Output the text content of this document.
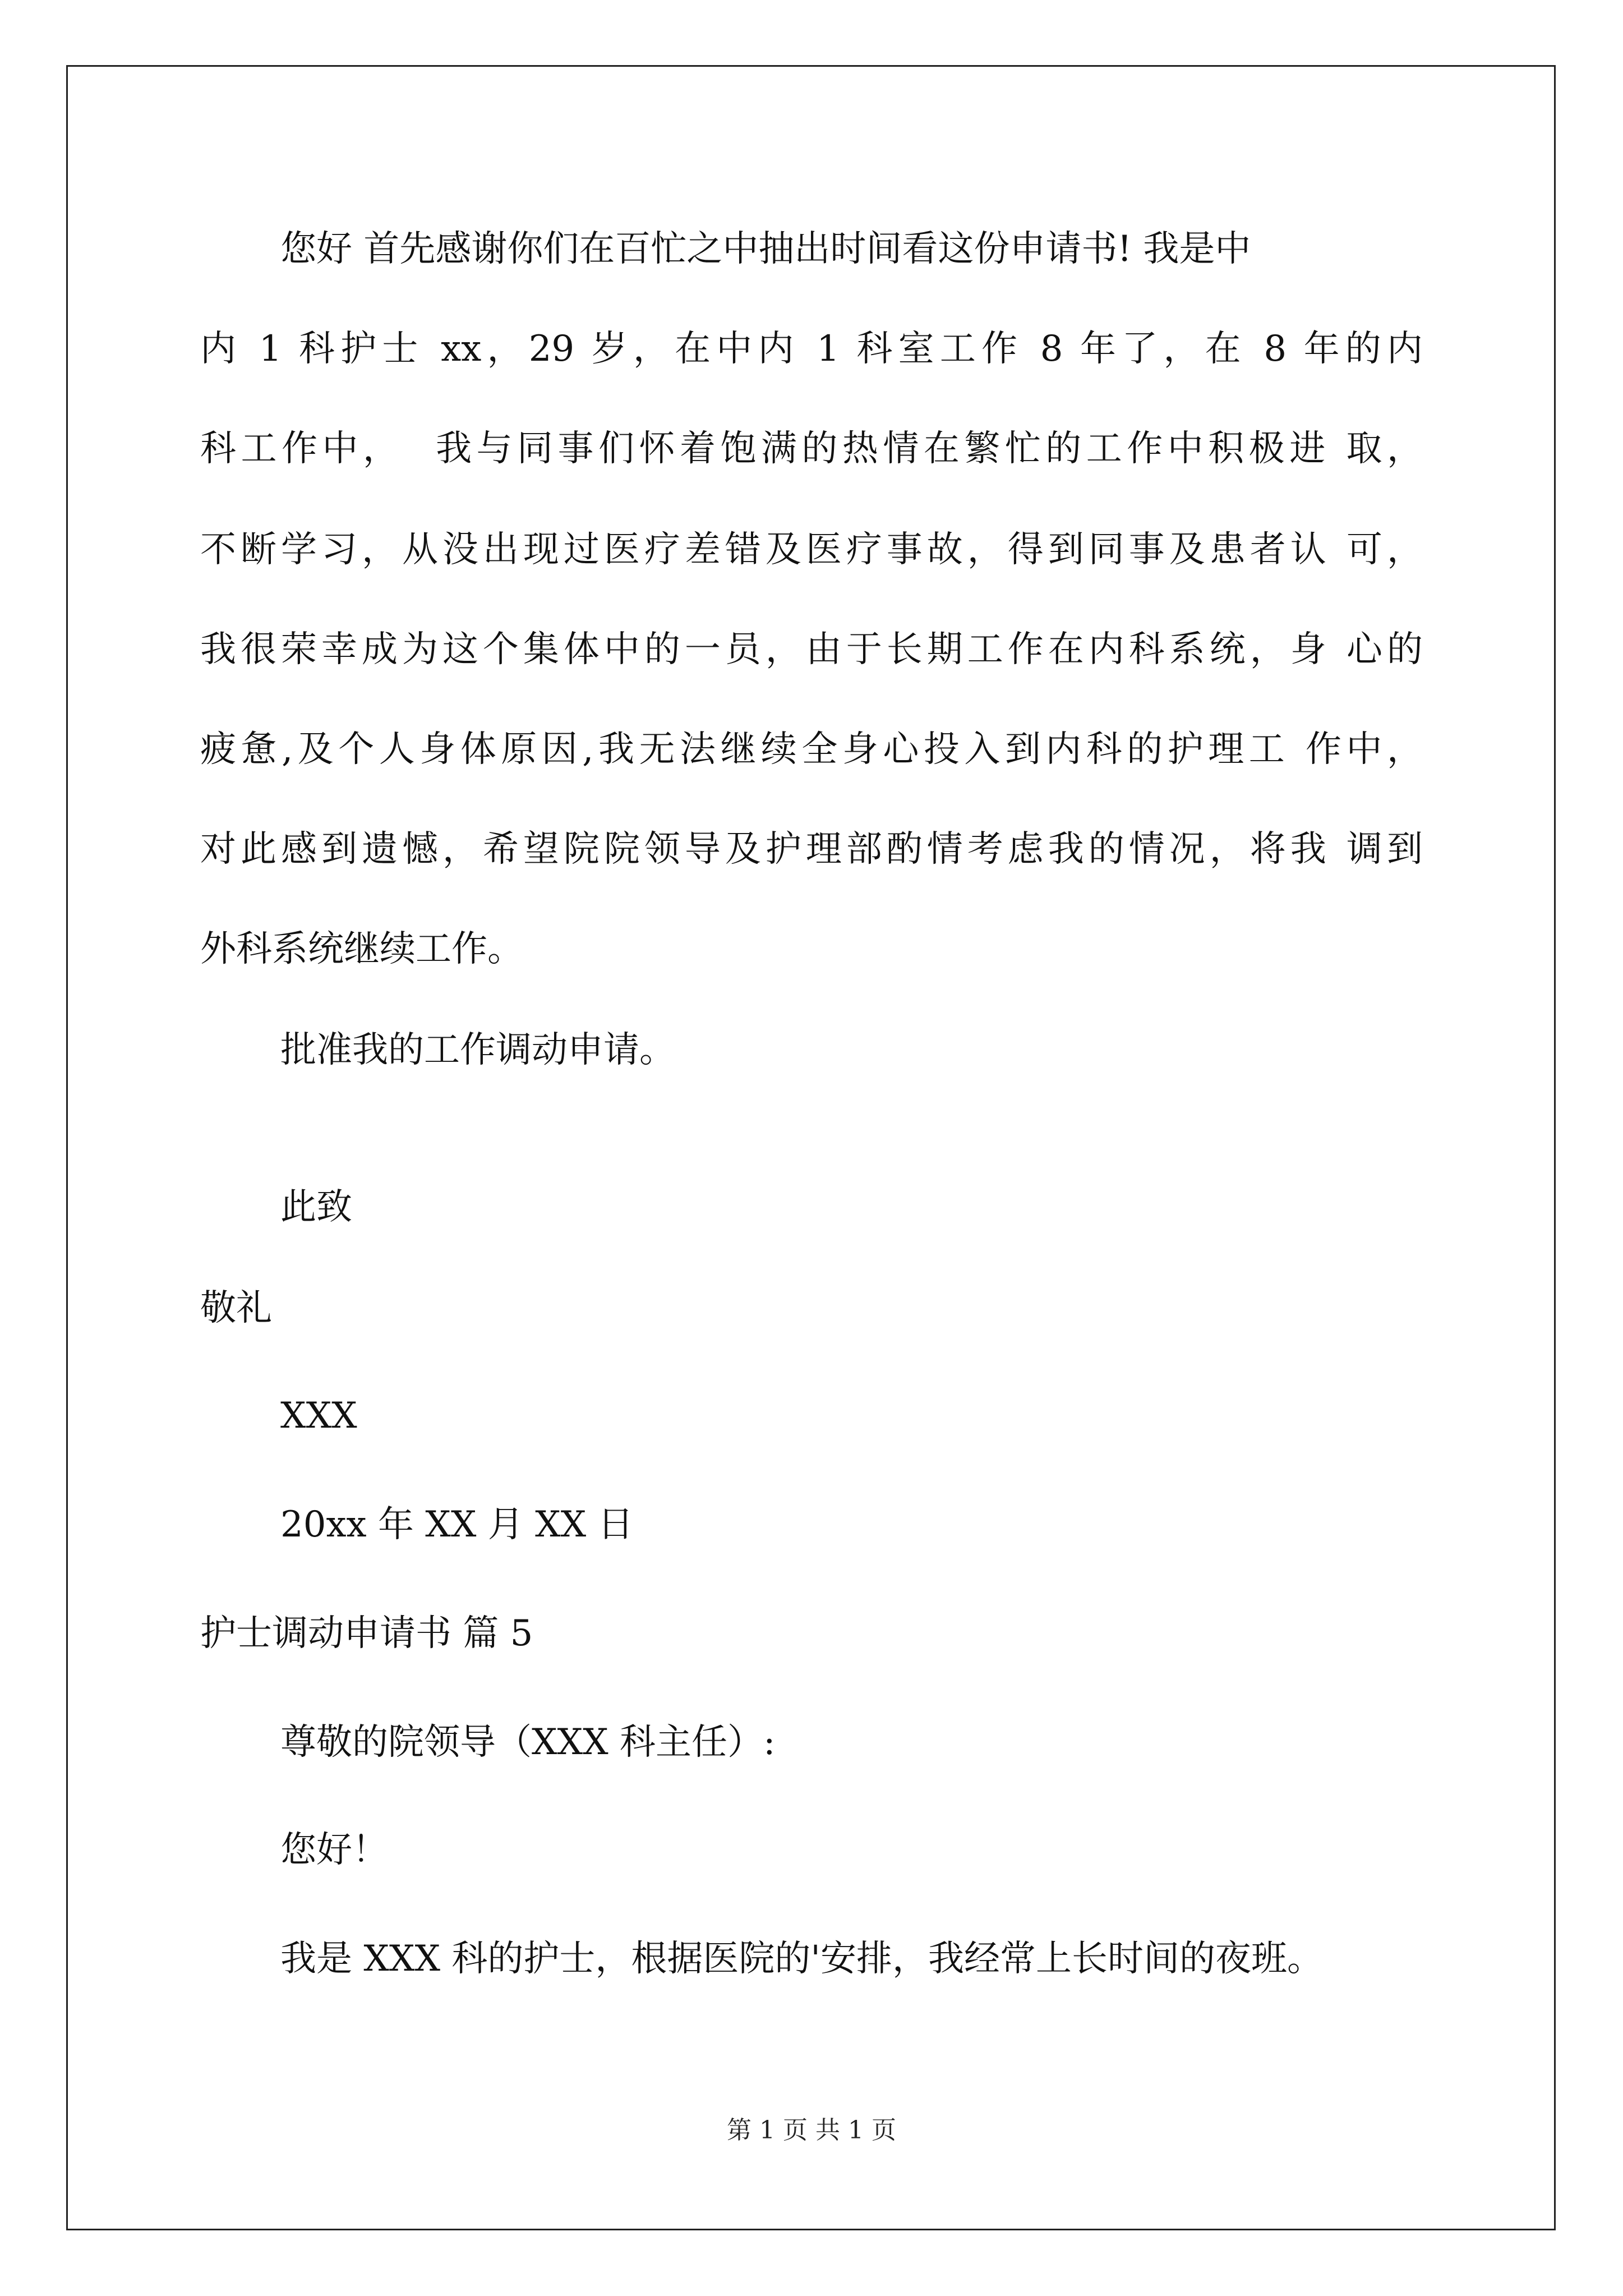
您好 首先感谢你们在百忙之中抽出时间看这份申请书! 我是中

内 1 科护士 xx，29 岁，在中内 1 科室工作 8 年了，在 8 年的内

科工作中，  我与同事们怀着饱满的热情在繁忙的工作中积极进 取，

不断学习，从没出现过医疗差错及医疗事故，得到同事及患者认 可，

我很荣幸成为这个集体中的一员，由于长期工作在内科系统，身 心的

疲惫,及个人身体原因,我无法继续全身心投入到内科的护理工 作中，

对此感到遗憾，希望院院领导及护理部酌情考虑我的情况，将我 调到

外科系统继续工作。

批准我的工作调动申请。

此致

敬礼

XXX

20xx 年 XX 月 XX 日

护士调动申请书 篇 5

尊敬的院领导（XXX 科主任）:

您好！

我是 XXX 科的护士，根据医院的'安排，我经常上长时间的夜班。

第 1 页 共 1 页
